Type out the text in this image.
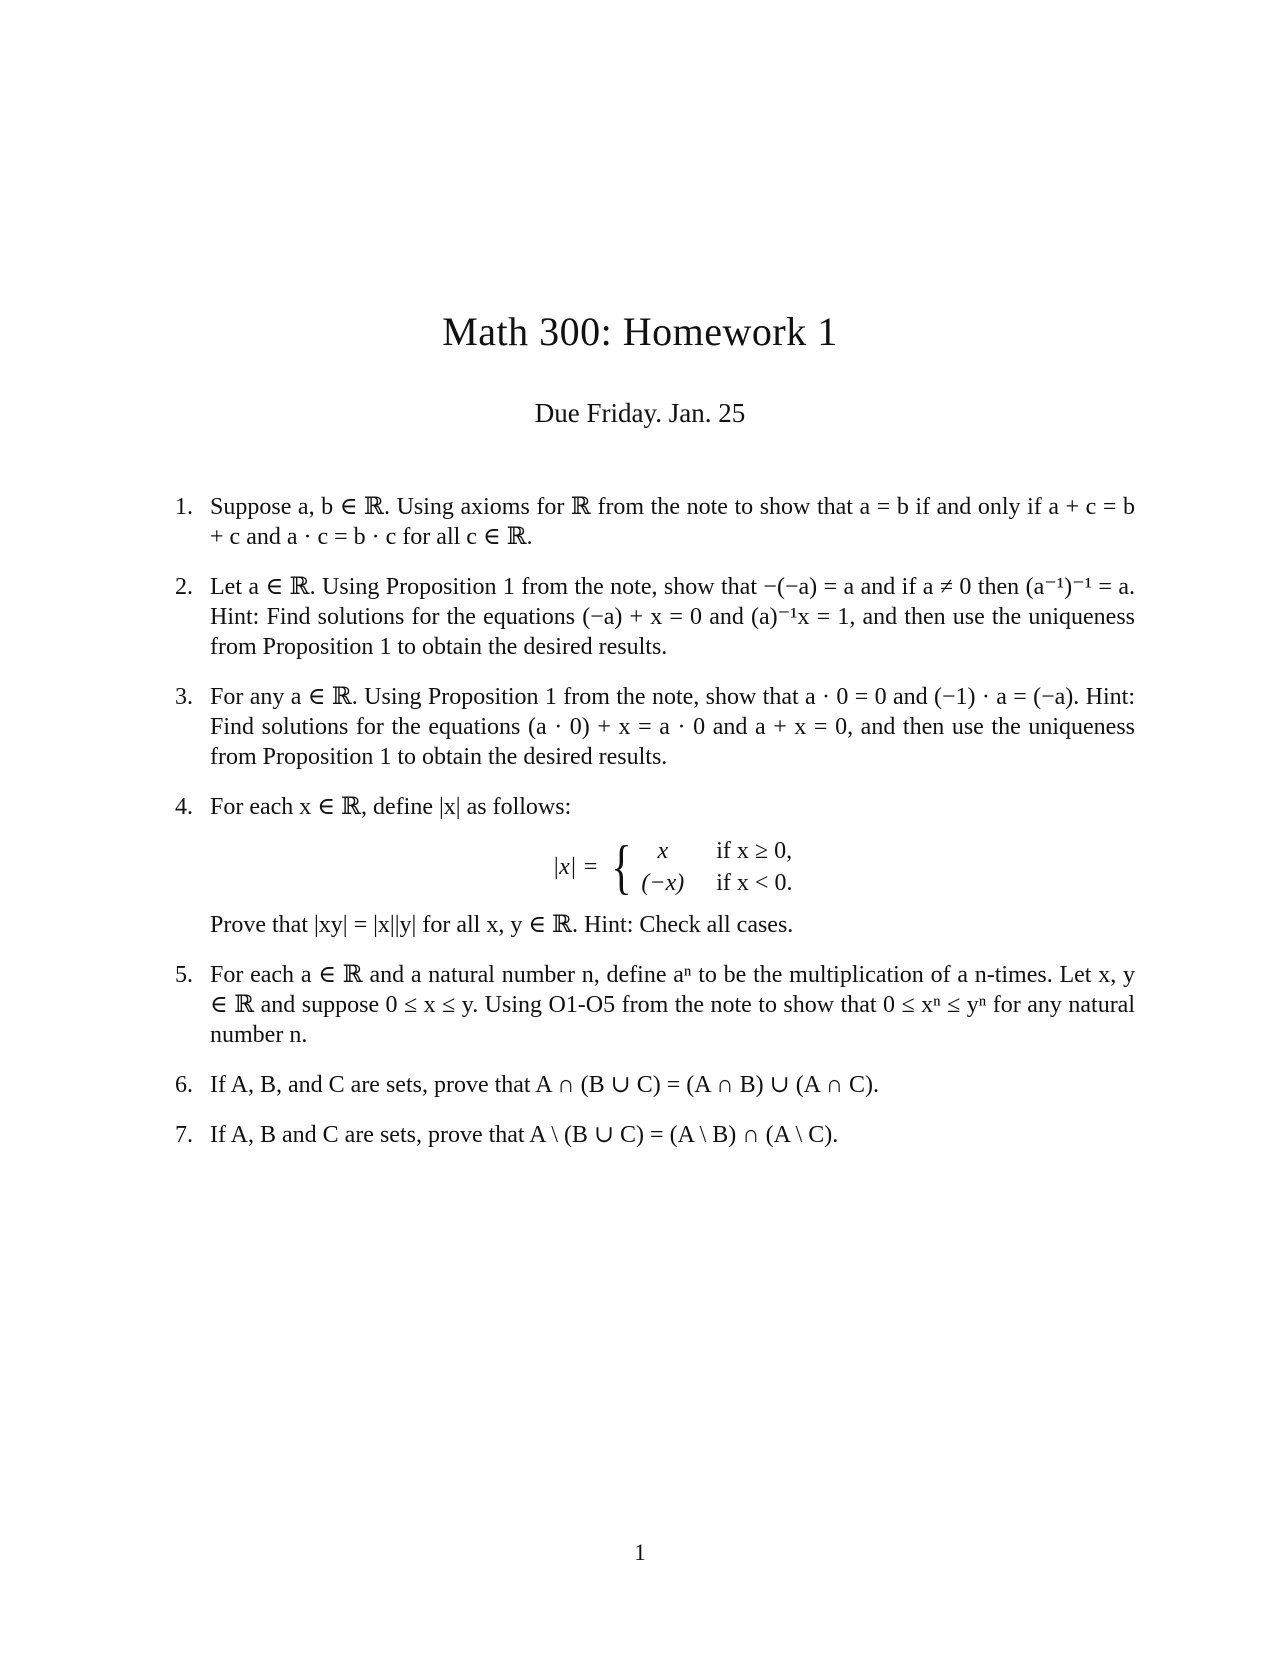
Math 300: Homework 1
Due Friday. Jan. 25
1. Suppose a, b ∈ ℝ. Using axioms for ℝ from the note to show that a = b if and only if a + c = b + c and a · c = b · c for all c ∈ ℝ.
2. Let a ∈ ℝ. Using Proposition 1 from the note, show that −(−a) = a and if a ≠ 0 then (a⁻¹)⁻¹ = a. Hint: Find solutions for the equations (−a) + x = 0 and (a)⁻¹x = 1, and then use the uniqueness from Proposition 1 to obtain the desired results.
3. For any a ∈ ℝ. Using Proposition 1 from the note, show that a · 0 = 0 and (−1) · a = (−a). Hint: Find solutions for the equations (a · 0) + x = a · 0 and a + x = 0, and then use the uniqueness from Proposition 1 to obtain the desired results.
4. For each x ∈ ℝ, define |x| as follows:
|x| = {	x	if x ≥ 0,
(−x) if x < 0.
Prove that |xy| = |x||y| for all x, y ∈ ℝ. Hint: Check all cases.
5. For each a ∈ ℝ and a natural number n, define aⁿ to be the multiplication of a n-times. Let x, y ∈ ℝ and suppose 0 ≤ x ≤ y. Using O1-O5 from the note to show that 0 ≤ xⁿ ≤ yⁿ for any natural number n.
6. If A, B, and C are sets, prove that A ∩ (B ∪ C) = (A ∩ B) ∪ (A ∩ C).
7. If A, B and C are sets, prove that A \ (B ∪ C) = (A \ B) ∩ (A \ C).
1
